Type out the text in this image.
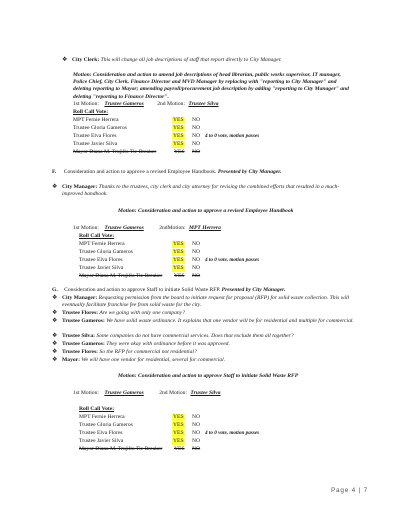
❖ City Clerk: This will change all job descriptions of staff that report directly to City Manager.
Motion: Consideration and action to amend job descriptions of head librarian, public works supervisor, IT manager, Police Chief, City Clerk, Finance Director and MVD Manager by replacing with "reporting to City Manager" and deleting reporting to Mayor; amending payroll/procurement job description by adding "reporting to City Manager" and deleting "reporting to Finance Director".
1st Motion: Trustee Gameros 2nd Motion: Trustee Silva
Roll Call Vote:
MPT Fernie Herrera	YES NO
Trustee Gloria Gameros	YES NO
Trustee Elva Flores	YES NO 4 to 0 vote, motion passes
Trustee Javier Silva	YES NO
Mayor Diana M. Trujillo Tie Breaker	YES NO
F. Consideration and action to approve a revised Employee Handbook. Presented by City Manager.
❖ City Manager: Thanks to the trustees, city clerk and city attorney for revising the combined efforts that resulted in a much-improved handbook.
Motion: Consideration and action to approve a revised Employee Handbook
1st Motion: Trustee Gameros	2ndMotion: MPT Herrera
Roll Call Vote:
MPT Fernie Herrera	YES NO
Trustee Gloria Gameros	YES NO
Trustee Elva Flores	YES NO 4 to 0 vote, motion passes
Trustee Javier Silva	YES NO
Mayor Diana M. Trujillo Tie Breaker YES NO
G. Consideration and action to approve Staff to initiate Solid Waste RFP. Presented by City Manager.
❖ City Manager: Requesting permission from the board to initiate request for proposal (RFP) for solid waste collection. This will eventually facilitate franchise fee from solid waste for the city.
❖ Trustee Flores: Are we going with only one company?
❖ Trustee Gameros: We have solid waste ordinance. It explains that one vendor will be for residential and multiple for commercial.
❖ Trustee Silva: Some companies do not have commercial services. Does that exclude them all together?
❖ Trustee Gameros: They were okay with ordinance before it was approved.
❖ Trustee Flores: So the RFP for commercial not residential?
❖ Mayor: We will have one vendor for residential, several for commercial.
Motion: Consideration and action to approve Staff to initiate Solid Waste RFP
1st Motion: Trustee Gameros	2nd Motion: Trustee Silva
Roll Call Vote:
MPT Fernie Herrera	YES NO
Trustee Gloria Gameros	YES NO
Trustee Elva Flores	YES NO 4 to 0 vote, motion passes
Trustee Javier Silva	YES NO
Mayor Diana M. Trujillo Tie Breaker YES NO
Page 4 | 7
